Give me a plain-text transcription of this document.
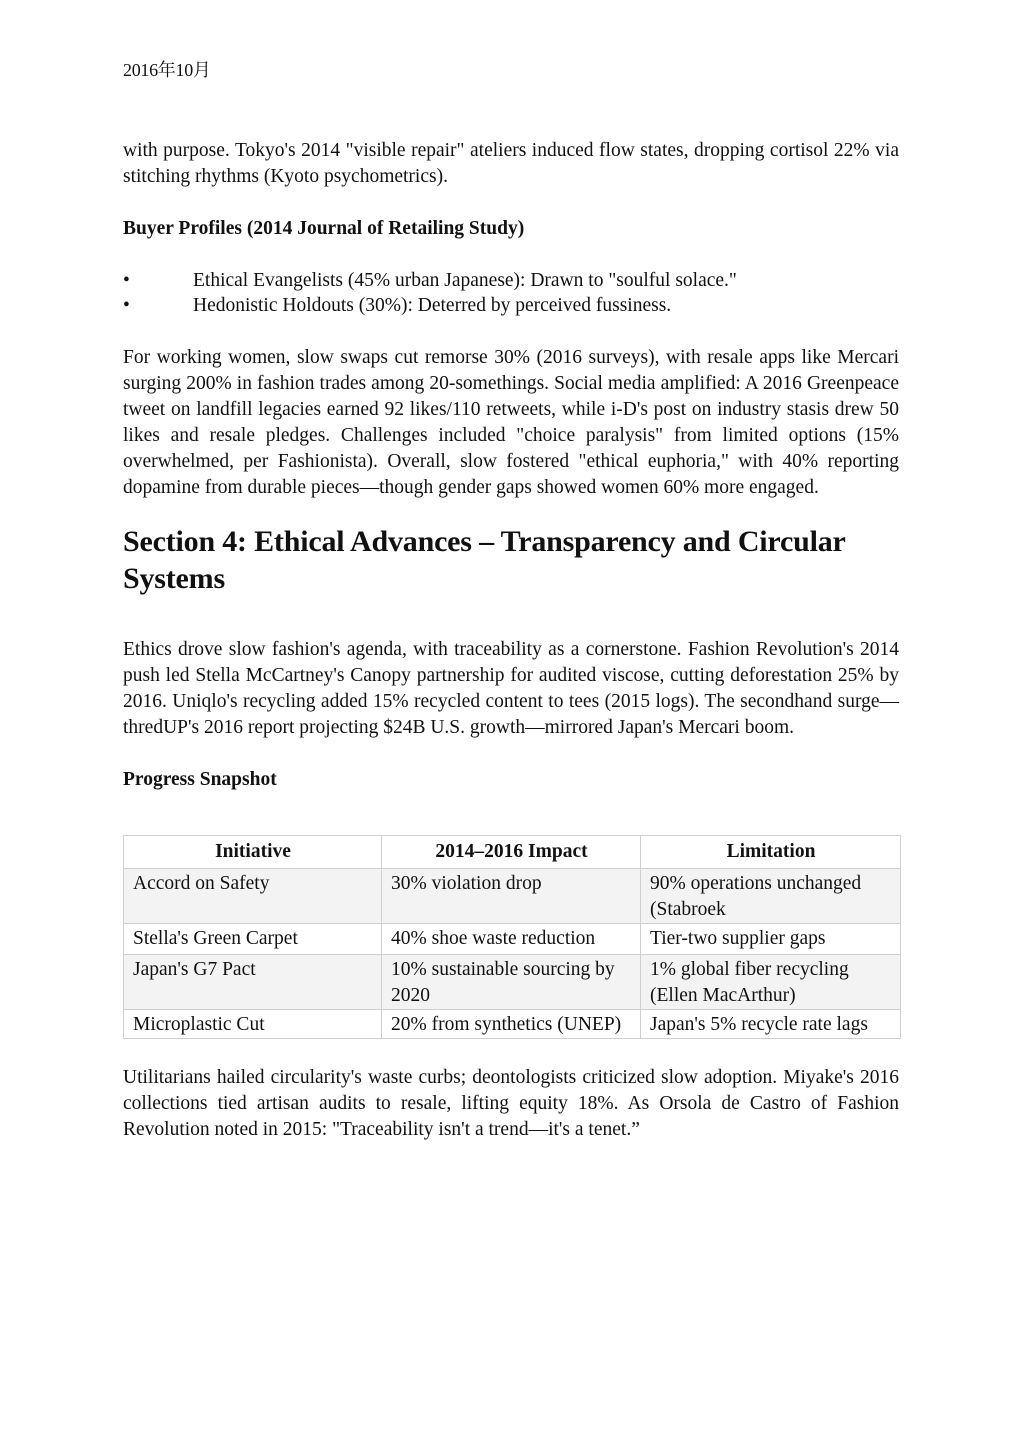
2016年10月

with purpose. Tokyo's 2014 "visible repair" ateliers induced flow states, dropping cortisol 22% via stitching rhythms (Kyoto psychometrics).

Buyer Profiles (2014 Journal of Retailing Study)
•	Ethical Evangelists (45% urban Japanese): Drawn to "soulful solace."
•	Hedonistic Holdouts (30%): Deterred by perceived fussiness.

For working women, slow swaps cut remorse 30% (2016 surveys), with resale apps like Mercari surging 200% in fashion trades among 20-somethings. Social media amplified: A 2016 Greenpeace tweet on landfill legacies earned 92 likes/110 retweets, while i-D's post on industry stasis drew 50 likes and resale pledges. Challenges included "choice paralysis" from limited options (15% overwhelmed, per Fashionista). Overall, slow fostered "ethical euphoria," with 40% reporting dopamine from durable pieces—though gender gaps showed women 60% more engaged.

Section 4: Ethical Advances – Transparency and Circular Systems

Ethics drove slow fashion's agenda, with traceability as a cornerstone. Fashion Revolution's 2014 push led Stella McCartney's Canopy partnership for audited viscose, cutting deforestation 25% by 2016. Uniqlo's recycling added 15% recycled content to tees (2015 logs). The secondhand surge—thredUP's 2016 report projecting $24B U.S. growth—mirrored Japan's Mercari boom.

Progress Snapshot
Initiative	2014–2016 Impact	Limitation
Accord on Safety	30% violation drop	90% operations unchanged (Stabroek
Stella's Green Carpet	40% shoe waste reduction	Tier-two supplier gaps
Japan's G7 Pact	10% sustainable sourcing by 2020	1% global fiber recycling (Ellen MacArthur)
Microplastic Cut	20% from synthetics (UNEP)	Japan's 5% recycle rate lags

Utilitarians hailed circularity's waste curbs; deontologists criticized slow adoption. Miyake's 2016 collections tied artisan audits to resale, lifting equity 18%. As Orsola de Castro of Fashion Revolution noted in 2015: "Traceability isn't a trend—it's a tenet.”
